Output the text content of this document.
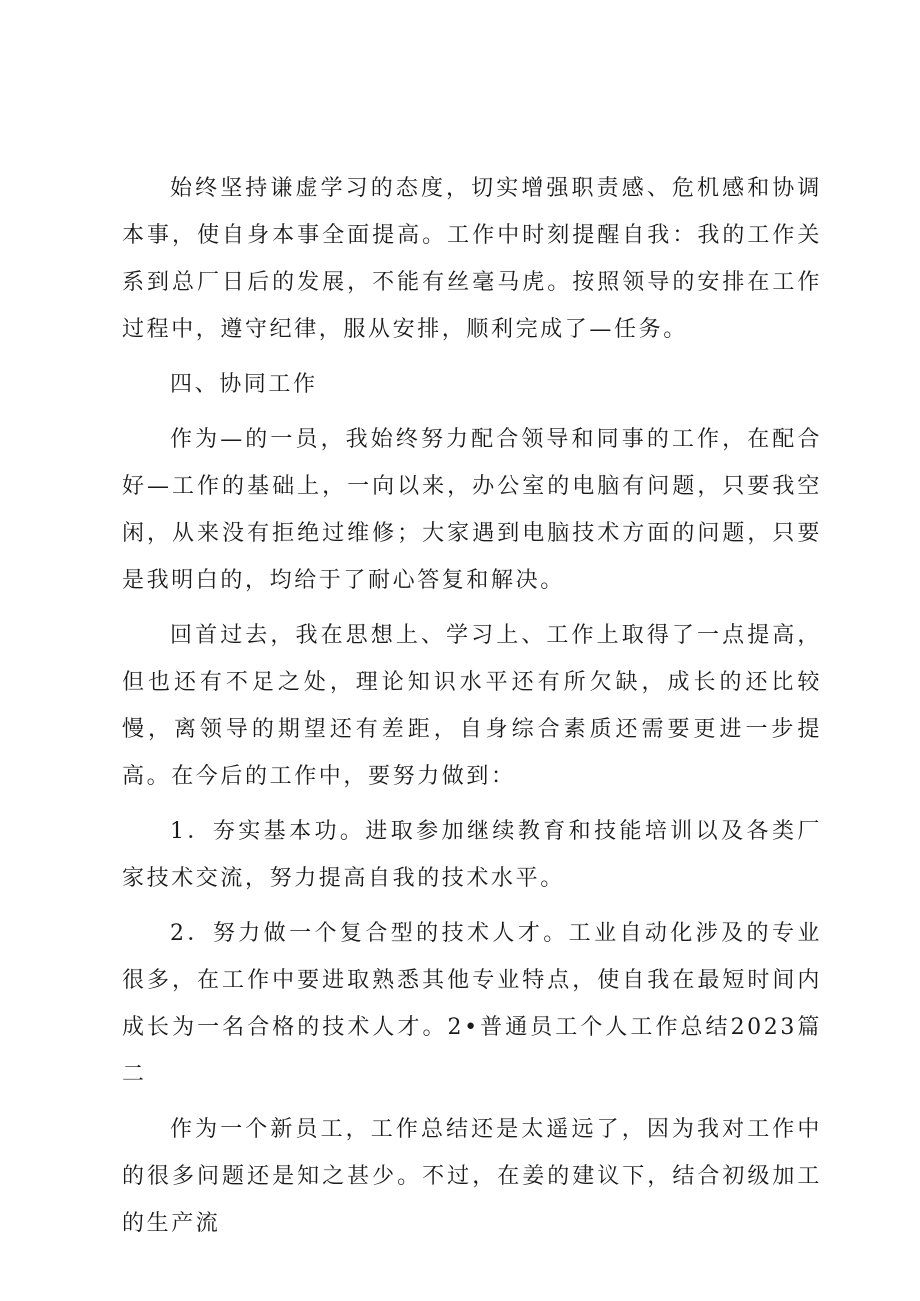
始终坚持谦虚学习的态度，切实增强职责感、危机感和协调本事，使自身本事全面提高。工作中时刻提醒自我：我的工作关系到总厂日后的发展，不能有丝毫马虎。按照领导的安排在工作过程中，遵守纪律，服从安排，顺利完成了—任务。

四、协同工作

作为—的一员，我始终努力配合领导和同事的工作，在配合好—工作的基础上，一向以来，办公室的电脑有问题，只要我空闲，从来没有拒绝过维修；大家遇到电脑技术方面的问题，只要是我明白的，均给于了耐心答复和解决。

回首过去，我在思想上、学习上、工作上取得了一点提高，但也还有不足之处，理论知识水平还有所欠缺，成长的还比较慢，离领导的期望还有差距，自身综合素质还需要更进一步提高。在今后的工作中，要努力做到：

1．夯实基本功。进取参加继续教育和技能培训以及各类厂家技术交流，努力提高自我的技术水平。

2．努力做一个复合型的技术人才。工业自动化涉及的专业很多，在工作中要进取熟悉其他专业特点，使自我在最短时间内成长为一名合格的技术人才。2•普通员工个人工作总结2023篇二

作为一个新员工，工作总结还是太遥远了，因为我对工作中的很多问题还是知之甚少。不过，在姜的建议下，结合初级加工的生产流
